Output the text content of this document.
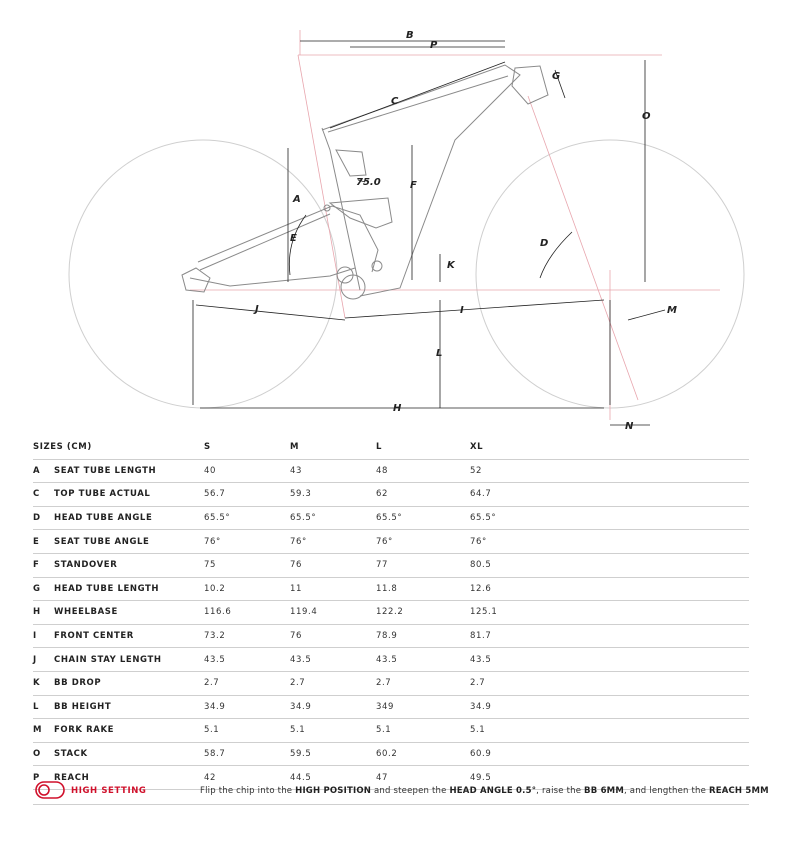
B
P
C
G
O
A
75.0	F
E	D
K
J	I	M
L
H
N
SIZES (CM)		S	M	L	XL
A	SEAT TUBE LENGTH	40	43	48	52
C	TOP TUBE ACTUAL	56.7	59.3	62	64.7
D	HEAD TUBE ANGLE	65.5°	65.5°	65.5°	65.5°
E	SEAT TUBE ANGLE	76°	76°	76°	76°
F	STANDOVER	75	76	77	80.5
G	HEAD TUBE LENGTH	10.2	11	11.8	12.6
H	WHEELBASE	116.6	119.4	122.2	125.1
I	FRONT CENTER	73.2	76	78.9	81.7
J	CHAIN STAY LENGTH	43.5	43.5	43.5	43.5
K	BB DROP	2.7	2.7	2.7	2.7
L	BB HEIGHT	34.9	34.9	349	34.9
M	FORK RAKE	5.1	5.1	5.1	5.1
O	STACK	58.7	59.5	60.2	60.9
P	REACH	42	44.5	47	49.5
HIGH SETTING	Flip the chip into the HIGH POSITION and steepen the HEAD ANGLE 0.5°, raise the BB 6MM, and lengthen the REACH 5MM
